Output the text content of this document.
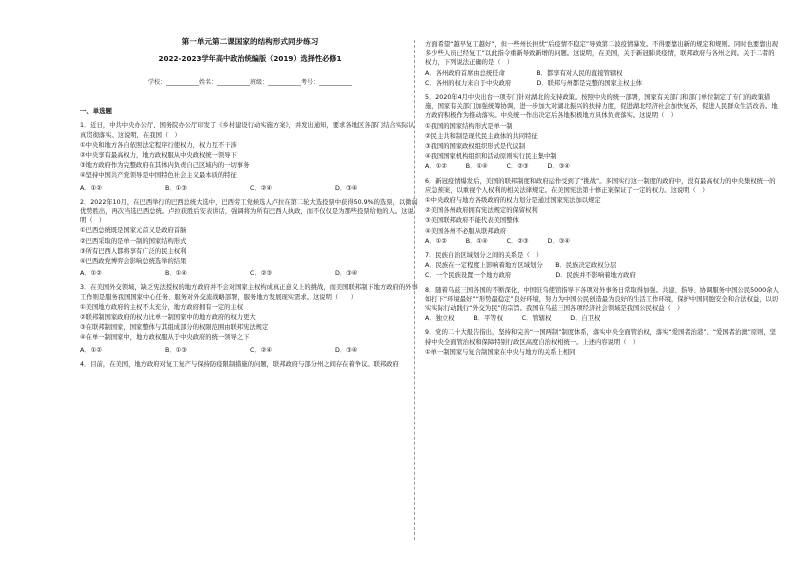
第一单元第二课国家的结构形式同步练习

2022-2023学年高中政治统编版（2019）选择性必修1

学校：___________姓名：___________班级：___________考号：___________

一、单选题

1．近日，中共中央办公厅、国务院办公厅印发了《乡村建设行动实施方案》，并发出通知，要求各地区各部门结合实际认真贯彻落实。这说明，在我国（　）

①中央和地方各自依照法定程序行使权力，权力互不干涉

②中央享有最高权力，地方政权服从中央政权统一领导下

③地方政府作为完整政府在其体内负责自己区域内的一切事务

④坚持中国共产党领导是中国特色社会主义最本质的特征

A．①②	B．①③	C．②④	D．③④

2．2022年10月，在巴西举行的巴西总统大选中，巴西劳工党候选人卢拉在第二轮大选投票中获得50.9%的选票，以微弱优势胜出，再次当选巴西总统。卢拉获胜后安表讲话，强调将为所有巴西人执政，而不仅仅是为那些投票给他的人。这说明（　）

①巴西总统既是国家元首又是政府首脑

②巴西采取的是单一制的国家结构形式

③所有巴西人都将享有广泛的民主权利

④巴西政党博弈会影响总统选举的结果

A．①②	B．①④	C．②③	D．③④

3．在美国外交领域，缺乏宪法授权的地方政府并不会对国家主权构成真正意义上的挑战，而美国联邦制下地方政府的外事工作则是服务我国国家中心任务、服务对外交流战略部署，服务地方发展现实需求。这说明（　　）

①美国地方政府的主权不太充分，地方政府拥有一定的主权

②联邦制国家政府的权力比单一制国家中的地方政府的权力更大

③在联邦制国家，国家整体与其组成部分的权限范围由联邦宪法规定

④在单一制国家中，地方政权服从于中央政府的统一领导之下

A．①②	B．①③	C．②④	D．③④

4．目前，在美国，地方政府对复工复产与保持防疫限制措施的问题，联邦政府与部分州之间存在着争议。联邦政府

方面希望“越早复工越好”，但一些州长担忧“后疫情不稳定”导致第二波疫情暴发。不得要靠出新的规定和规则。同时也要靠出现多少些人员已经复工”以此指令重新导致新增的问题。这说明，在美国，关于新冠肺炎疫情，联邦政府与各州之间。关于二者的权力，下列说法正确的是（　）

A．各州政府首席由总统任命　　　　　B．都享有对人民的直接管辖权

C．各州的权力来自于中央政府　　　　D．联邦与州都是完整的国家主权主体

5．2020年4月中央出台一项专门针对湖北的支持政策。按照中央的统一部署，国家有关部门和部门单位制定了专门的政策措施，国家有关部门加强统筹协调，进一步加大对湖北振兴的扶持力度，促进湖北经济社会加快复苏，促进人民群众生活改善。地方政府积极作为推动落实。中央统一作出决定后各地积极地方具体负责落实。这说明（　）

①我国的国家结构形式是单一制

②民主共和制是现代民主政体的共同特征

③我国的国家政权组织形式是代议制

④我国国家机构组织和活动原则实行民主集中制

A．①②　　　B．①④　　　C．②③　　　D．③④

6．新冠疫情爆发后，美国的联邦制度和政府运作受到了“挑战”。多国实行这一制度的政府中，没有最高权力的中央集权统一的应急预案，以重视个人权利的相关法律规定。在美国宪法第十修正案保证了一定的权力。这说明（　）

①中央政府与地方各级政府的权力划分是通过国家宪法加以规定

②美国各州政府拥有宪法规定的保留权利

③美国联邦政府不能代表美国整体

④美国各州不必服从联邦政府

A．①②　　　B．①④　　　C．②③　　　D．③④

7．民族自治区域划分之间的关系是（　）

A．民族在一定程度上影响着地方区域划分　　B．民族决定政权分层

C．一个民族设置一个地方政府　　　　　　　D．民族并不影响着地方政府

8．随着乌兹三国各国的不断深化，中国驻乌使馆指导下各项对外事务日常取得加强。共建、指导、协调服务中国公民5000余人如打下“环境最好”“形势最稳定”良好环境，努力为中国公民创造最为良好的生活工作环境，保护中国同胞安全和合法权益，以切实实际行动践行“外交为民”的宗旨。我国在乌兹三国各项经济社会领域是我国公民权益（　）

A．独立权　　　B．平等权　　　C．管辖权　　　D．自卫权

9．党的二十大报告指出，坚持和完善“一国两制”制度体系，落实中央全面管治权，落实“爱国者治港”、“爱国者治澳”原则，坚持中央全面管治权和保障特别行政区高度自治权相统一。上述内容说明（　）

①单一制国家与复合制国家在中央与地方的关系上相同
